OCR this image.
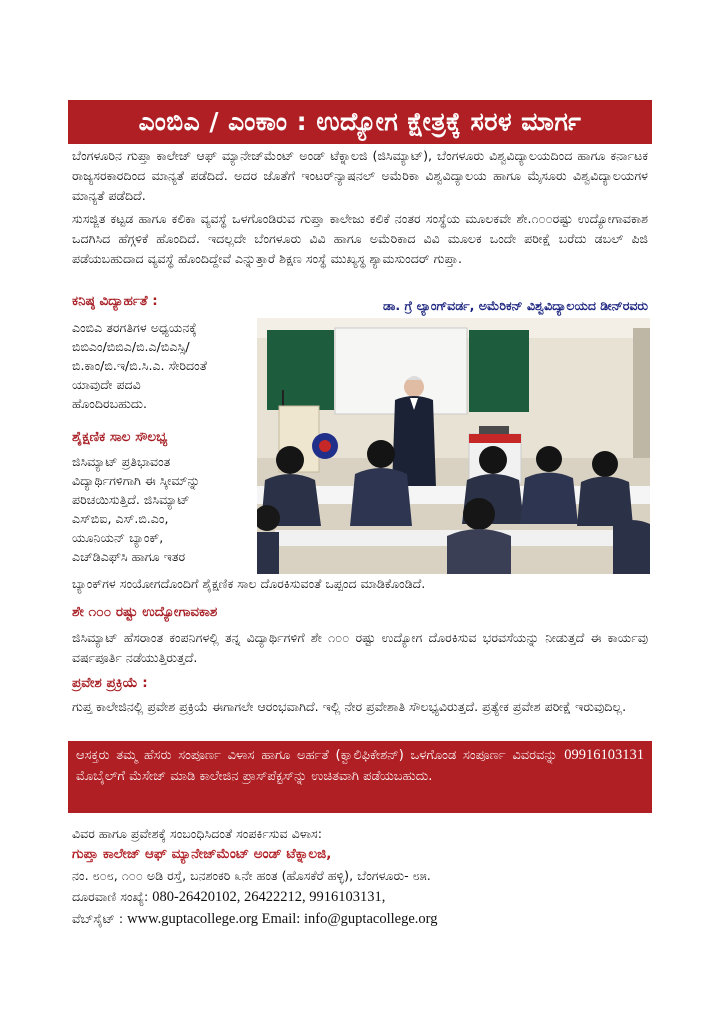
ಎಂಬಿಎ / ಎಂಕಾಂ : ಉದ್ಯೋಗ ಕ್ಷೇತ್ರಕ್ಕೆ ಸರಳ ಮಾರ್ಗ
ಬೆಂಗಳೂರಿನ ಗುಪ್ತಾ ಕಾಲೇಜ್ ಆಫ್ ಮ್ಯಾನೇಜ್‌ಮೆಂಟ್ ಅಂಡ್ ಟೆಕ್ನಾಲಜಿ (ಜಿಸಿಮ್ಯಾಟ್), ಬೆಂಗಳೂರು ವಿಶ್ವವಿದ್ಯಾಲಯದಿಂದ ಹಾಗೂ ಕರ್ನಾಟಕ ರಾಜ್ಯಸರಕಾರದಿಂದ ಮಾನ್ಯತೆ ಪಡೆದಿದೆ. ಅದರ ಜೊತೆಗೆ ಇಂಟರ್‌ನ್ಯಾಷನಲ್ ಅಮೆರಿಕಾ ವಿಶ್ವವಿದ್ಯಾಲಯ ಹಾಗೂ ಮೈಸೂರು ವಿಶ್ವವಿದ್ಯಾಲಯಗಳ ಮಾನ್ಯತೆ ಪಡೆದಿದೆ.
ಸುಸಜ್ಜಿತ ಕಟ್ಟಡ ಹಾಗೂ ಕಲಿಕಾ ವ್ಯವಸ್ಥೆ ಒಳಗೊಂಡಿರುವ ಗುಪ್ತಾ ಕಾಲೇಜು ಕಲಿಕೆ ನಂತರ ಸಂಸ್ಥೆಯ ಮೂಲಕವೇ ಶೇ.೧೦೦ರಷ್ಟು ಉದ್ಯೋಗಾವಕಾಶ ಒದಗಿಸಿದ ಹೆಗ್ಗಳಿಕೆ ಹೊಂದಿದೆ. ಇದಲ್ಲದೇ ಬೆಂಗಳೂರು ವಿವಿ ಹಾಗೂ ಅಮೆರಿಕಾದ ವಿವಿ ಮೂಲಕ ಒಂದೇ ಪರೀಕ್ಷೆ ಬರೆದು ಡಬಲ್ ಪಿಜಿ ಪಡೆಯಬಹುದಾದ ವ್ಯವಸ್ಥೆ ಹೊಂದಿದ್ದೇವೆ ಎನ್ನುತ್ತಾರೆ ಶಿಕ್ಷಣ ಸಂಸ್ಥೆ ಮುಖ್ಯಸ್ಥ ಶ್ಯಾಮಸುಂದರ್ ಗುಪ್ತಾ.
ಕನಿಷ್ಠ ವಿದ್ಯಾರ್ಹತೆ :
ಎಂಬಿಎ ತರಗತಿಗಳ ಅಧ್ಯಯನಕ್ಕೆ
ಬಿಬಿಎಂ/ಬಿಬಿಎ/ಬಿ.ಎ/ಬಿಎಸ್ಸಿ/
ಬಿ.ಕಾಂ/ಬಿ.ಇ/ಬಿ.ಸಿ.ಎ. ಸೇರಿದಂತೆ
ಯಾವುದೇ ಪದವಿ
ಹೊಂದಿರಬಹುದು.
ಶೈಕ್ಷಣಿಕ ಸಾಲ ಸೌಲಭ್ಯ
ಜಿಸಿಮ್ಯಾಟ್ ಪ್ರತಿಭಾವಂತ
ವಿದ್ಯಾರ್ಥಿಗಳಿಗಾಗಿ ಈ ಸ್ಕೀಮ್‌ನ್ನು
ಪರಿಚಯಿಸುತ್ತಿದೆ. ಜಿಸಿಮ್ಯಾಟ್
ಎಸ್‌ಬಿಐ, ಎಸ್.ಬಿ.ಎಂ,
ಯೂನಿಯನ್ ಬ್ಯಾಂಕ್,
ಎಚ್‌ಡಿಎಫ್‌ಸಿ ಹಾಗೂ ಇತರ
ಡಾ. ಗ್ರೆ ಲ್ಯಾಂಗ್‌ವರ್ಡ, ಅಮೆರಿಕನ್ ವಿಶ್ವವಿದ್ಯಾಲಯದ ಡೀನ್‌ರವರು
ಬ್ಯಾಂಕ್‌ಗಳ ಸಂಯೋಗದೊಂದಿಗೆ ಶೈಕ್ಷಣಿಕ ಸಾಲ ದೊರಕಿಸುವಂತೆ ಒಪ್ಪಂದ ಮಾಡಿಕೊಂಡಿದೆ.
ಶೇ ೧೦೦ ರಷ್ಟು ಉದ್ಯೋಗಾವಕಾಶ
ಜಿಸಿಮ್ಯಾಟ್ ಹೆಸರಾಂತ ಕಂಪನಿಗಳಲ್ಲಿ ತನ್ನ ವಿದ್ಯಾರ್ಥಿಗಳಿಗೆ ಶೇ ೧೦೦ ರಷ್ಟು ಉದ್ಯೋಗ ದೊರಕಿಸುವ ಭರವಸೆಯನ್ನು ನೀಡುತ್ತದೆ ಈ ಕಾರ್ಯವು ವರ್ಷಪೂರ್ತಿ ನಡೆಯುತ್ತಿರುತ್ತದೆ.
ಪ್ರವೇಶ ಪ್ರಕ್ರಿಯೆ :
ಗುಪ್ತ ಕಾಲೇಜಿನಲ್ಲಿ ಪ್ರವೇಶ ಪ್ರಕ್ರಿಯೆ ಈಗಾಗಲೇ ಆರಂಭವಾಗಿದೆ. ಇಲ್ಲಿ ನೇರ ಪ್ರವೇಶಾತಿ ಸೌಲಭ್ಯವಿರುತ್ತದೆ. ಪ್ರತ್ಯೇಕ ಪ್ರವೇಶ ಪರೀಕ್ಷೆ ಇರುವುದಿಲ್ಲ.
ಆಸಕ್ತರು ತಮ್ಮ ಹೆಸರು ಸಂಪೂರ್ಣ ವಿಳಾಸ ಹಾಗೂ ಅರ್ಹತೆ (ಕ್ವಾಲಿಫಿಕೇಶನ್) ಒಳಗೊಂಡ ಸಂಪೂರ್ಣ ವಿವರವನ್ನು 09916103131 ಮೊಬೈಲ್‌ಗೆ ಮೆಸೇಜ್ ಮಾಡಿ ಕಾಲೇಜಿನ ಪ್ರಾಸ್‌ಪೆಕ್ಟಸ್‌ನ್ನು ಉಚಿತವಾಗಿ ಪಡೆಯಬಹುದು.
ವಿವರ ಹಾಗೂ ಪ್ರವೇಶಕ್ಕೆ ಸಂಬಂಧಿಸಿದಂತೆ ಸಂಪರ್ಕಿಸುವ ವಿಳಾಸ:
ಗುಪ್ತಾ ಕಾಲೇಜ್ ಆಫ್ ಮ್ಯಾನೇಜ್‌ಮೆಂಟ್ ಅಂಡ್ ಟೆಕ್ನಾಲಜಿ,
ನಂ. ೮೦೮, ೧೦೦ ಅಡಿ ರಸ್ತೆ, ಬನಶಂಕರಿ ೩ನೇ ಹಂತ (ಹೊಸಕೆರೆ ಹಳ್ಳಿ), ಬೆಂಗಳೂರು- ೮೫.
ದೂರವಾಣಿ ಸಂಖ್ಯೆ: 080-26420102, 26422212, 9916103131,
ವೆಬ್‌ಸೈಟ್ : www.guptacollege.org Email: info@guptacollege.org
